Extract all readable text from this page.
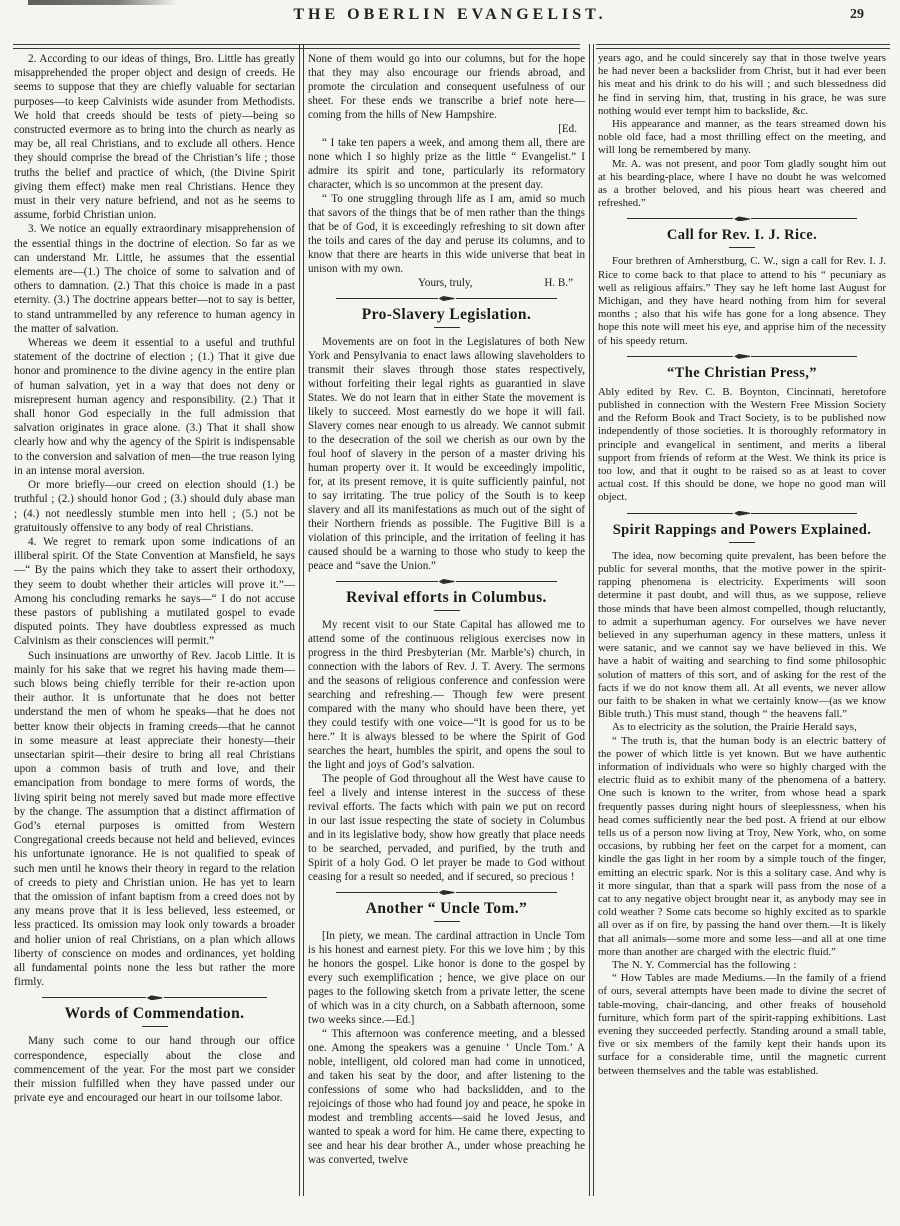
THE OBERLIN EVANGELIST.	29

2. According to our ideas of things, Bro. Little has greatly misapprehended the proper object and design of creeds. He seems to suppose that they are chiefly valuable for sectarian purposes—to keep Calvinists wide asunder from Methodists. We hold that creeds should be tests of piety—being so constructed evermore as to bring into the church as nearly as may be, all real Christians, and to exclude all others. Hence they should comprise the bread of the Christian’s life ; those truths the belief and practice of which, (the Divine Spirit giving them effect) make men real Christians. Hence they must in their very nature befriend, and not as he seems to assume, forbid Christian union.

3. We notice an equally extraordinary misapprehension of the essential things in the doctrine of election. So far as we can understand Mr. Little, he assumes that the essential elements are—(1.) The choice of some to salvation and of others to damnation. (2.) That this choice is made in a past eternity. (3.) The doctrine appears better—not to say is better, to stand untrammelled by any reference to human agency in the matter of salvation.

Whereas we deem it essential to a useful and truthful statement of the doctrine of election ; (1.) That it give due honor and prominence to the divine agency in the entire plan of human salvation, yet in a way that does not deny or misrepresent human agency and responsibility. (2.) That it shall honor God especially in the full admission that salvation originates in grace alone. (3.) That it shall show clearly how and why the agency of the Spirit is indispensable to the conversion and salvation of men—the true reason lying in an intense moral aversion.

Or more briefly—our creed on election should (1.) be truthful ; (2.) should honor God ; (3.) should duly abase man ; (4.) not needlessly stumble men into hell ; (5.) not be gratuitously offensive to any body of real Christians.

4. We regret to remark upon some indications of an illiberal spirit. Of the State Convention at Mansfield, he says—“ By the pains which they take to assert their orthodoxy, they seem to doubt whether their articles will prove it.”—Among his concluding remarks he says—“ I do not accuse these pastors of publishing a mutilated gospel to evade disputed points. They have doubtless expressed as much Calvinism as their consciences will permit.”

Such insinuations are unworthy of Rev. Jacob Little. It is mainly for his sake that we regret his having made them—such blows being chiefly terrible for their re-action upon their author. It is unfortunate that he does not better understand the men of whom he speaks—that he does not better know their objects in framing creeds—that he cannot in some measure at least appreciate their honesty—their unsectarian spirit—their desire to bring all real Christians upon a common basis of truth and love, and their emancipation from bondage to mere forms of words, the living spirit being not merely saved but made more effective by the change. The assumption that a distinct affirmation of God’s eternal purposes is omitted from Western Congregational creeds because not held and believed, evinces his unfortunate ignorance. He is not qualified to speak of such men until he knows their theory in regard to the relation of creeds to piety and Christian union. He has yet to learn that the omission of infant baptism from a creed does not by any means prove that it is less believed, less esteemed, or less practiced. Its omission may look only towards a broader and holier union of real Christians, on a plan which allows liberty of conscience on modes and ordinances, yet holding all fundamental points none the less but rather the more firmly.

Words of Commendation.

Many such come to our hand through our office correspondence, especially about the close and commencement of the year. For the most part we consider their mission fulfilled when they have passed under our private eye and encouraged our heart in our toilsome labor.

None of them would go into our columns, but for the hope that they may also encourage our friends abroad, and promote the circulation and consequent usefulness of our sheet. For these ends we transcribe a brief note here—coming from the hills of New Hampshire.

[Ed.

“ I take ten papers a week, and among them all, there are none which I so highly prize as the little “ Evangelist.” I admire its spirit and tone, particularly its reformatory character, which is so uncommon at the present day.

“ To one struggling through life as I am, amid so much that savors of the things that be of men rather than the things that be of God, it is exceedingly refreshing to sit down after the toils and cares of the day and peruse its columns, and to know that there are hearts in this wide universe that beat in unison with my own.

Yours, truly,	H. B.”
Pro-Slavery Legislation.

Movements are on foot in the Legislatures of both New York and Pensylvania to enact laws allowing slaveholders to transmit their slaves through those states respectively, without forfeiting their legal rights as guarantied in slave States. We do not learn that in either State the movement is likely to succeed. Most earnestly do we hope it will fail. Slavery comes near enough to us already. We cannot submit to the desecration of the soil we cherish as our own by the foul hoof of slavery in the person of a master driving his human property over it. It would be exceedingly impolitic, for, at its present remove, it is quite sufficiently painful, not to say irritating. The true policy of the South is to keep slavery and all its manifestations as much out of the sight of their Northern friends as possible. The Fugitive Bill is a violation of this principle, and the irritation of feeling it has caused should be a warning to those who study to keep the peace and “save the Union.”

Revival efforts in Columbus.

My recent visit to our State Capital has allowed me to attend some of the continuous religious exercises now in progress in the third Presbyterian (Mr. Marble’s) church, in connection with the labors of Rev. J. T. Avery. The sermons and the seasons of religious conference and confession were searching and refreshing.— Though few were present compared with the many who should have been there, yet they could testify with one voice—“It is good for us to be here.” It is always blessed to be where the Spirit of God searches the heart, humbles the spirit, and opens the soul to the light and joys of God’s salvation.

The people of God throughout all the West have cause to feel a lively and intense interest in the success of these revival efforts. The facts which with pain we put on record in our last issue respecting the state of society in Columbus and in its legislative body, show how greatly that place needs to be searched, pervaded, and purified, by the truth and Spirit of a holy God. O let prayer be made to God without ceasing for a result so needed, and if secured, so precious !

Another “ Uncle Tom.”

[In piety, we mean. The cardinal attraction in Uncle Tom is his honest and earnest piety. For this we love him ; by this he honors the gospel. Like honor is done to the gospel by every such exemplification ; hence, we give place on our pages to the following sketch from a private letter, the scene of which was in a city church, on a Sabbath afternoon, some two weeks since.—Ed.]

“ This afternoon was conference meeting, and a blessed one. Among the speakers was a genuine ‘ Uncle Tom.’ A noble, intelligent, old colored man had come in unnoticed, and taken his seat by the door, and after listening to the confessions of some who had backslidden, and to the rejoicings of those who had found joy and peace, he spoke in modest and trembling accents—said he loved Jesus, and wanted to speak a word for him. He came there, expecting to see and hear his dear brother A., under whose preaching he was converted, twelve

years ago, and he could sincerely say that in those twelve years he had never been a backslider from Christ, but it had ever been his meat and his drink to do his will ; and such blessedness did he find in serving him, that, trusting in his grace, he was sure nothing would ever tempt him to backslide, &c.

His appearance and manner, as the tears streamed down his noble old face, had a most thrilling effect on the meeting, and will long be remembered by many.

Mr. A. was not present, and poor Tom gladly sought him out at his bearding-place, where I have no doubt he was welcomed as a brother beloved, and his pious heart was cheered and refreshed.”

Call for Rev. I. J. Rice.

Four brethren of Amherstburg, C. W., sign a call for Rev. I. J. Rice to come back to that place to attend to his “ pecuniary as well as religious affairs.” They say he left home last August for Michigan, and they have heard nothing from him for several months ; also that his wife has gone for a long absence. They hope this note will meet his eye, and apprise him of the necessity of his speedy return.

“The Christian Press,”

Ably edited by Rev. C. B. Boynton, Cincinnati, heretofore published in connection with the Western Free Mission Society and the Reform Book and Tract Society, is to be published now independently of those societies. It is thoroughly reformatory in principle and evangelical in sentiment, and merits a liberal support from friends of reform at the West. We think its price is too low, and that it ought to be raised so as at least to cover actual cost. If this should be done, we hope no good man will object.

Spirit Rappings and Powers Explained.

The idea, now becoming quite prevalent, has been before the public for several months, that the motive power in the spirit-rapping phenomena is electricity. Experiments will soon determine it past doubt, and will thus, as we suppose, relieve those minds that have been almost compelled, though reluctantly, to admit a superhuman agency. For ourselves we have never believed in any superhuman agency in these matters, unless it were satanic, and we cannot say we have believed in this. We have a habit of waiting and searching to find some philosophic solution of matters of this sort, and of asking for the rest of the facts if we do not know them all. At all events, we never allow our faith to be shaken in what we certainly know—(as we know Bible truth.) This must stand, though “ the heavens fall.”

As to electricity as the solution, the Prairie Herald says,

“ The truth is, that the human body is an electric battery of the power of which little is yet known. But we have authentic information of individuals who were so highly charged with the electric fluid as to exhibit many of the phenomena of a battery. One such is known to the writer, from whose head a spark frequently passes during night hours of sleeplessness, when his head comes sufficiently near the bed post. A friend at our elbow tells us of a person now living at Troy, New York, who, on some occasions, by rubbing her feet on the carpet for a moment, can kindle the gas light in her room by a simple touch of the finger, emitting an electric spark. Nor is this a solitary case. And why is it more singular, than that a spark will pass from the nose of a cat to any negative object brought near it, as anybody may see in cold weather ? Some cats become so highly excited as to sparkle all over as if on fire, by passing the hand over them.—It is likely that all animals—some more and some less—and all at one time more than another are charged with the electric fluid.”

The N. Y. Commercial has the following :

“ How Tables are made Mediums.—In the family of a friend of ours, several attempts have been made to divine the secret of table-moving, chair-dancing, and other freaks of household furniture, which form part of the spirit-rapping exhibitions. Last evening they succeeded perfectly. Standing around a small table, five or six members of the family kept their hands upon its surface for a considerable time, until the magnetic current between themselves and the table was established.
